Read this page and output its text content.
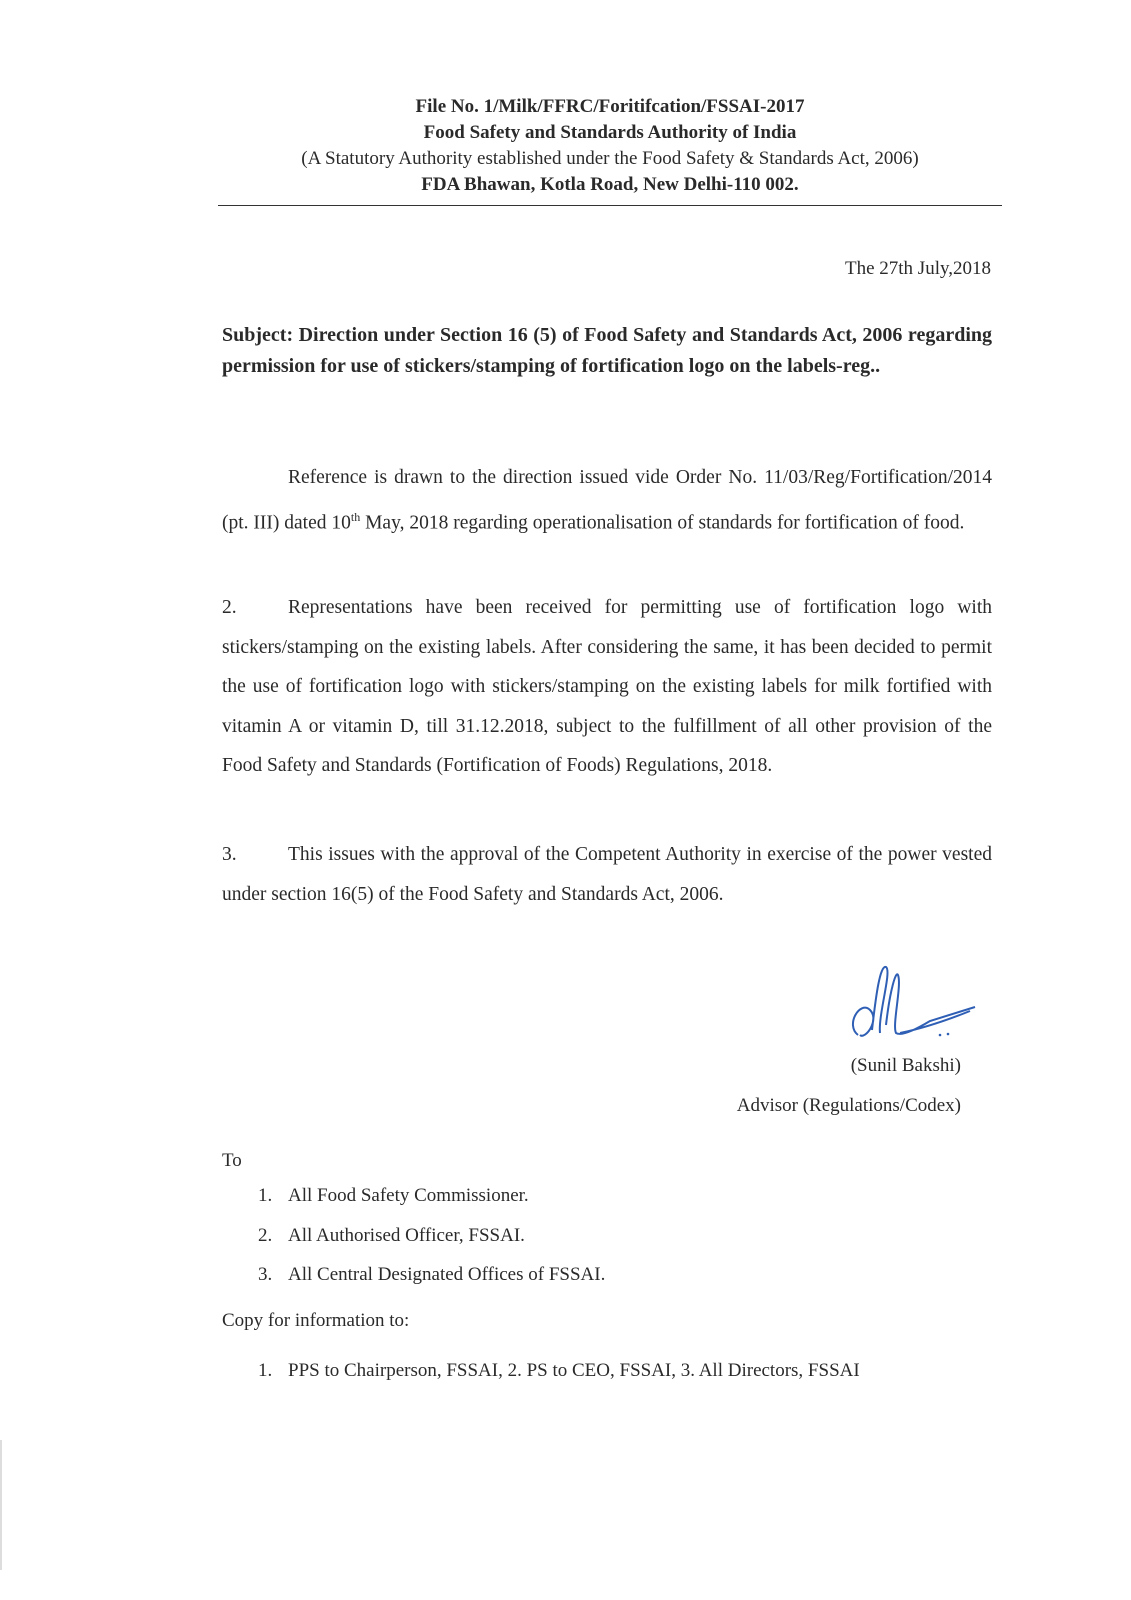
File No. 1/Milk/FFRC/Foritifcation/FSSAI-2017
Food Safety and Standards Authority of India
(A Statutory Authority established under the Food Safety & Standards Act, 2006)
FDA Bhawan, Kotla Road, New Delhi-110 002.
The 27th July,2018
Subject: Direction under Section 16 (5) of Food Safety and Standards Act, 2006 regarding permission for use of stickers/stamping of fortification logo on the labels-reg..
Reference is drawn to the direction issued vide Order No. 11/03/Reg/Fortification/2014 (pt. III) dated 10th May, 2018 regarding operationalisation of standards for fortification of food.
2.	Representations have been received for permitting use of fortification logo with stickers/stamping on the existing labels. After considering the same, it has been decided to permit the use of fortification logo with stickers/stamping on the existing labels for milk fortified with vitamin A or vitamin D, till 31.12.2018, subject to the fulfillment of all other provision of the Food Safety and Standards (Fortification of Foods) Regulations, 2018.
3.	This issues with the approval of the Competent Authority in exercise of the power vested under section 16(5) of the Food Safety and Standards Act, 2006.
(Sunil Bakshi)
Advisor (Regulations/Codex)
To
1. All Food Safety Commissioner.
2. All Authorised Officer, FSSAI.
3. All Central Designated Offices of FSSAI.
Copy for information to:
1. PPS to Chairperson, FSSAI, 2. PS to CEO, FSSAI, 3. All Directors, FSSAI
